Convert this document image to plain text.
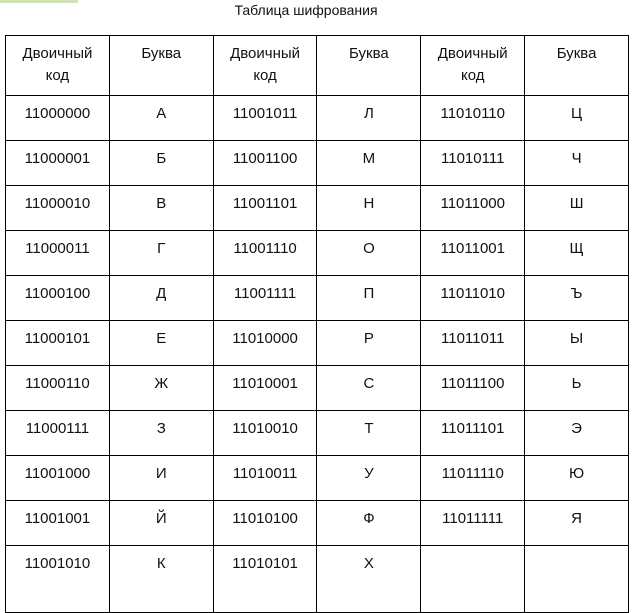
Таблица шифрования
Двоичный код	Буква	Двоичный код	Буква	Двоичный код	Буква
11000000	А	11001011	Л	11010110	Ц
11000001	Б	11001100	М	11010111	Ч
11000010	В	11001101	Н	11011000	Ш
11000011	Г	11001110	О	11011001	Щ
11000100	Д	11001111	П	11011010	Ъ
11000101	Е	11010000	Р	11011011	Ы
11000110	Ж	11010001	С	11011100	Ь
11000111	З	11010010	Т	11011101	Э
11001000	И	11010011	У	11011110	Ю
11001001	Й	11010100	Ф	11011111	Я
11001010	К	11010101	Х		
